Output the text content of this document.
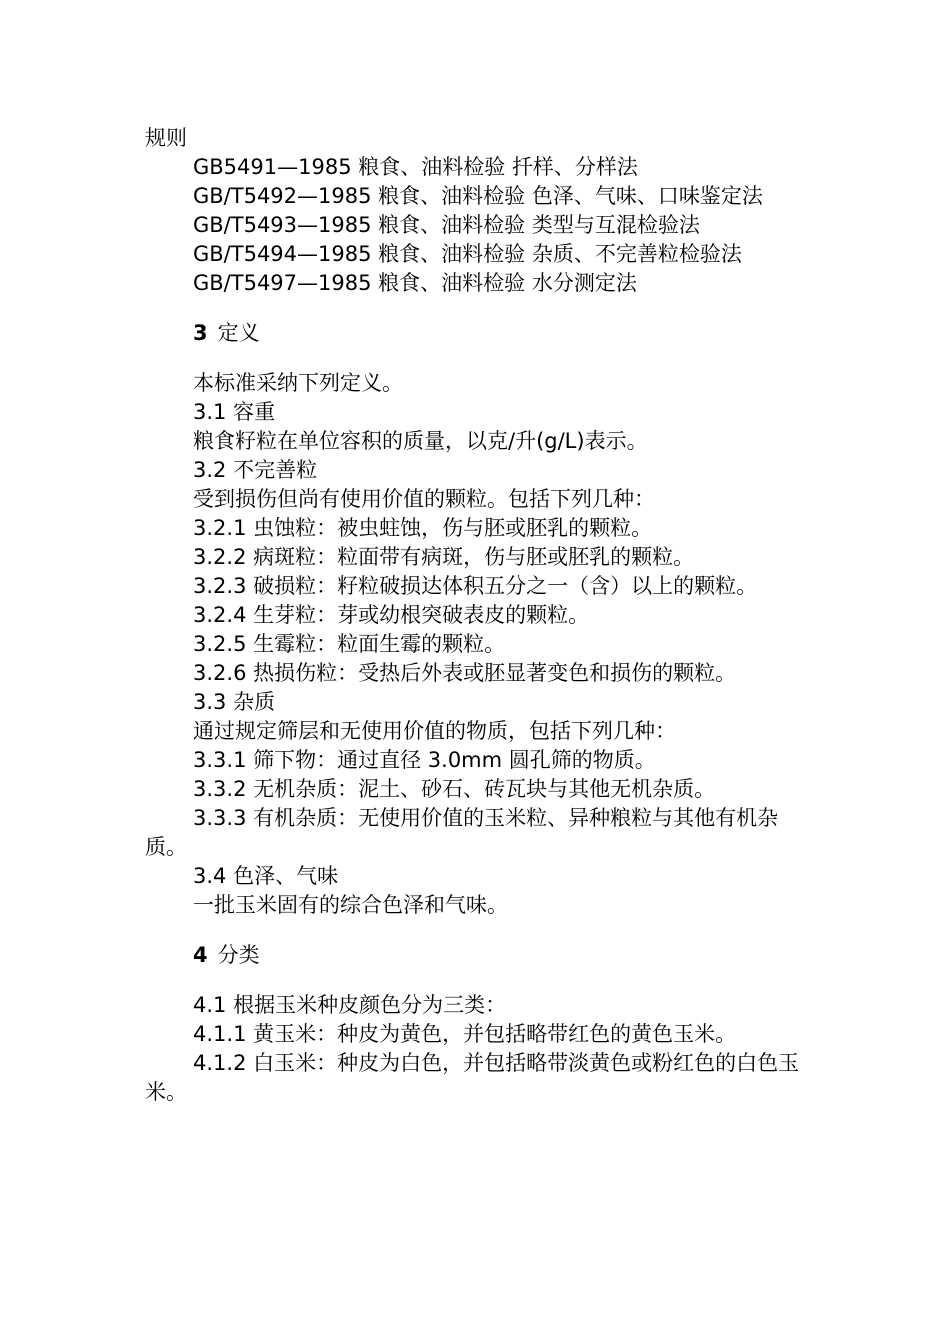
规则

GB5491—1985 粮食、油料检验 扦样、分样法

GB/T5492—1985 粮食、油料检验 色泽、气味、口味鉴定法

GB/T5493—1985 粮食、油料检验 类型与互混检验法

GB/T5494—1985 粮食、油料检验 杂质、不完善粒检验法

GB/T5497—1985 粮食、油料检验 水分测定法

3 定义

本标准采纳下列定义。

3.1 容重

粮食籽粒在单位容积的质量，以克/升(g/L)表示。

3.2 不完善粒

受到损伤但尚有使用价值的颗粒。包括下列几种：

3.2.1 虫蚀粒：被虫蛀蚀，伤与胚或胚乳的颗粒。

3.2.2 病斑粒：粒面带有病斑，伤与胚或胚乳的颗粒。

3.2.3 破损粒：籽粒破损达体积五分之一（含）以上的颗粒。

3.2.4 生芽粒：芽或幼根突破表皮的颗粒。

3.2.5 生霉粒：粒面生霉的颗粒。

3.2.6 热损伤粒：受热后外表或胚显著变色和损伤的颗粒。

3.3 杂质

通过规定筛层和无使用价值的物质，包括下列几种：

3.3.1 筛下物：通过直径 3.0mm 圆孔筛的物质。

3.3.2 无机杂质：泥土、砂石、砖瓦块与其他无机杂质。

3.3.3 有机杂质：无使用价值的玉米粒、异种粮粒与其他有机杂质。

3.4 色泽、气味

一批玉米固有的综合色泽和气味。

4 分类

4.1 根据玉米种皮颜色分为三类：

4.1.1 黄玉米：种皮为黄色，并包括略带红色的黄色玉米。

4.1.2 白玉米：种皮为白色，并包括略带淡黄色或粉红色的白色玉米。
